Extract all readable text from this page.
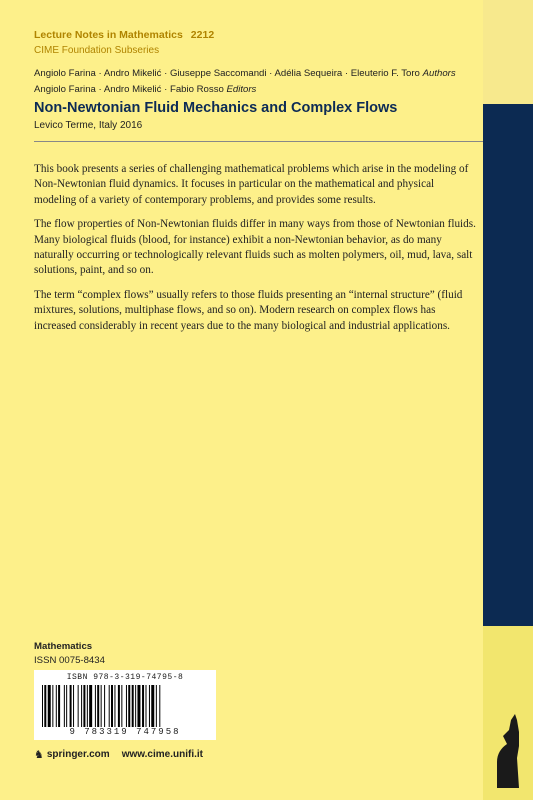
Lecture Notes in Mathematics 2212
CIME Foundation Subseries
Angiolo Farina · Andro Mikelić · Giuseppe Saccomandi · Adélia Sequeira · Eleuterio F. Toro Authors
Angiolo Farina · Andro Mikelić · Fabio Rosso Editors
Non-Newtonian Fluid Mechanics and Complex Flows
Levico Terme, Italy 2016

This book presents a series of challenging mathematical problems which arise in the modeling of Non-Newtonian fluid dynamics. It focuses in particular on the mathematical and physical modeling of a variety of contemporary problems, and provides some results.

The flow properties of Non-Newtonian fluids differ in many ways from those of Newtonian fluids. Many biological fluids (blood, for instance) exhibit a non-Newtonian behavior, as do many naturally occurring or technologically relevant fluids such as molten polymers, oil, mud, lava, salt solutions, paint, and so on.

The term “complex flows” usually refers to those fluids presenting an “internal structure” (fluid mixtures, solutions, multiphase flows, and so on). Modern research on complex flows has increased considerably in recent years due to the many biological and industrial applications.

Mathematics
ISSN 0075-8434
ISBN 978-3-319-74795-8
9 783319 747958
♞ springer.com www.cime.unifi.it
